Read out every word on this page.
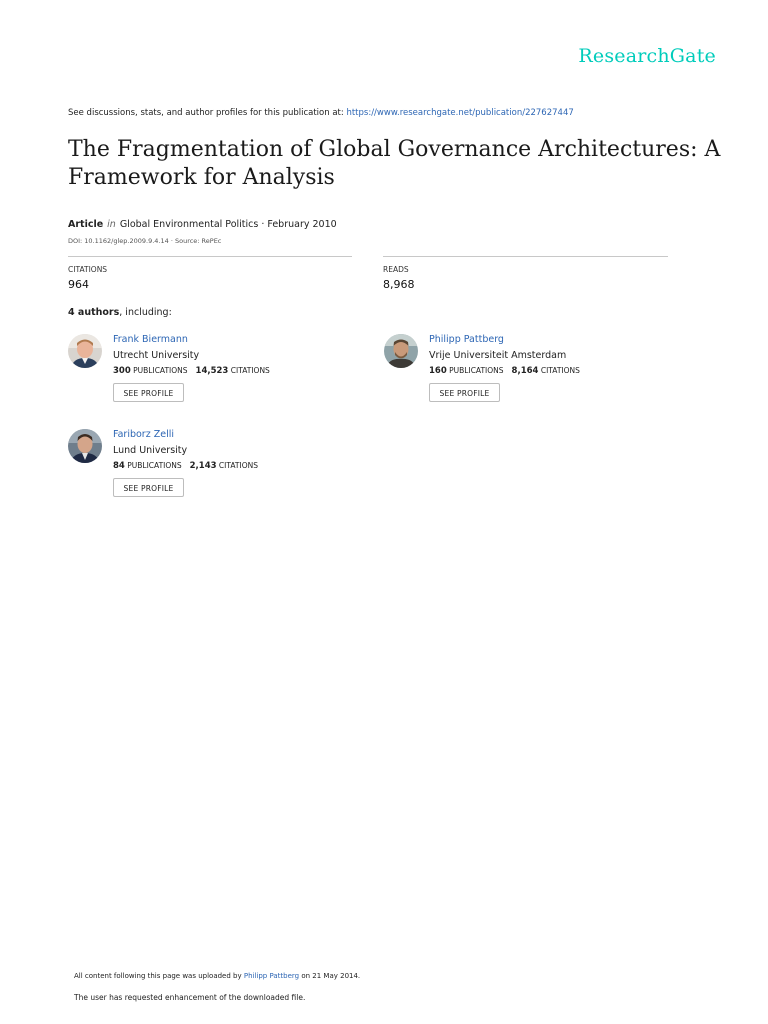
ResearchGate
See discussions, stats, and author profiles for this publication at: https://www.researchgate.net/publication/227627447
The Fragmentation of Global Governance Architectures: A Framework for Analysis
Article in Global Environmental Politics · February 2010
DOI: 10.1162/glep.2009.9.4.14 · Source: RePEc
CITATIONS
964
READS
8,968
4 authors, including:
Frank Biermann
Utrecht University
300 PUBLICATIONS 14,523 CITATIONS
SEE PROFILE
Philipp Pattberg
Vrije Universiteit Amsterdam
160 PUBLICATIONS 8,164 CITATIONS
SEE PROFILE
Fariborz Zelli
Lund University
84 PUBLICATIONS 2,143 CITATIONS
SEE PROFILE
All content following this page was uploaded by Philipp Pattberg on 21 May 2014.
The user has requested enhancement of the downloaded file.
